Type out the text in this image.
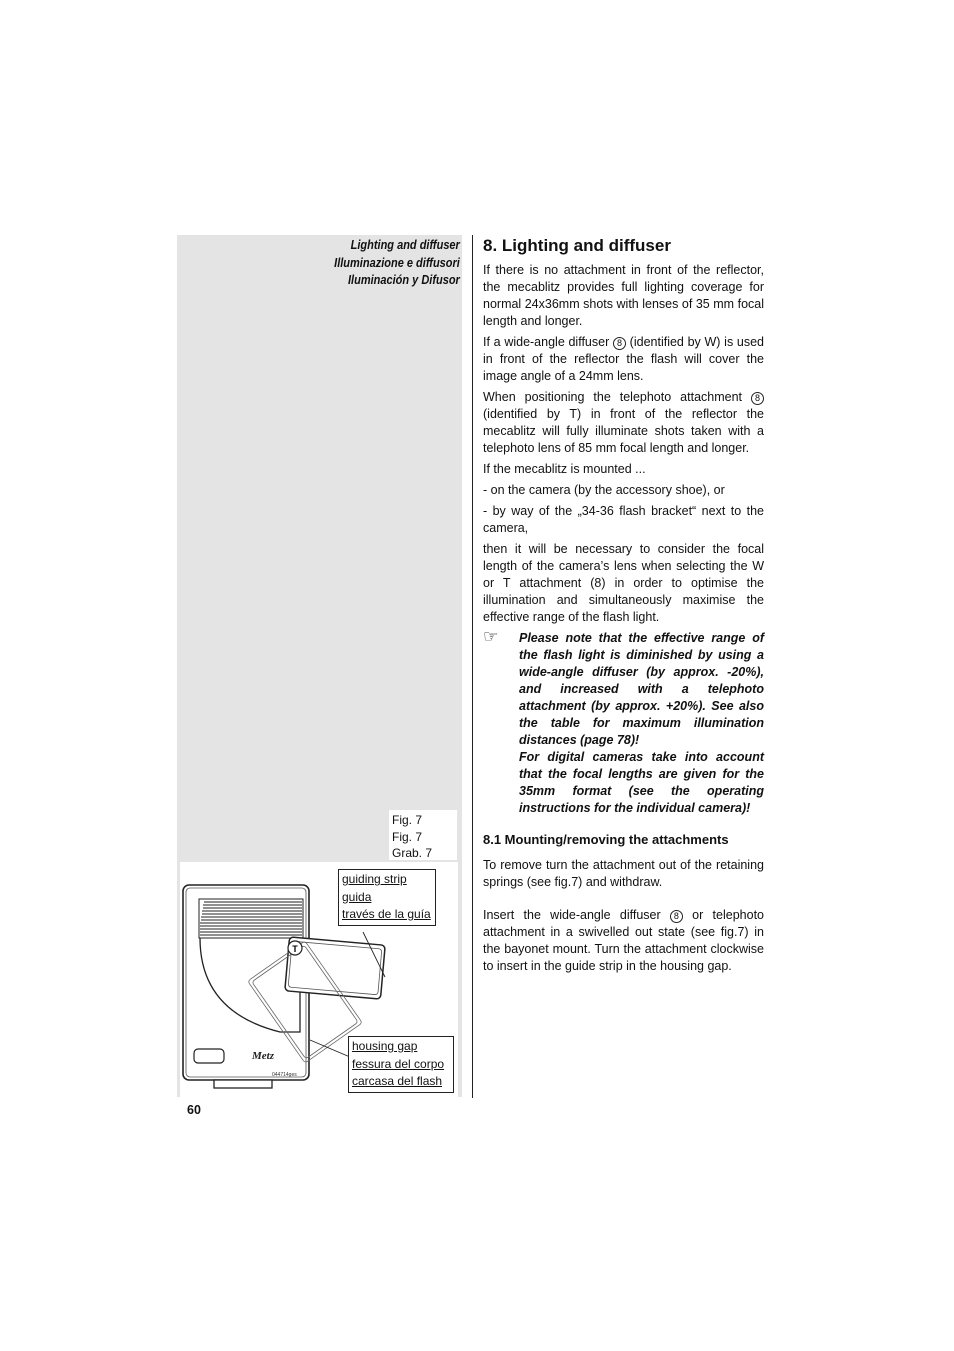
Lighting and diffuser
Illuminazione e diffusori
Iluminación y Difusor
Fig. 7
Fig. 7
Grab. 7
T
Metz
044714ges
guiding strip
guida
través de la guía
housing gap
fessura del corpo
carcasa del flash
60
8. Lighting and diffuser

If there is no attachment in front of the reflector, the mecablitz provides full lighting coverage for normal 24x36mm shots with lenses of 35 mm focal length and longer.

If a wide-angle diffuser 8 (identified by W) is used in front of the reflector the flash will cover the image angle of a 24mm lens.

When positioning the telephoto attachment 8 (identified by T) in front of the reflector the mecablitz will fully illuminate shots taken with a telephoto lens of 85 mm focal length and longer.

If the mecablitz is mounted ...

- on the camera (by the accessory shoe), or

- by way of the „34-36 flash bracket“ next to the camera,

then it will be necessary to consider the focal length of the camera’s lens when selecting the W or T attachment (8) in order to optimise the illumination and simultaneously maximise the effective range of the flash light.

☞ Please note that the effective range of the flash light is diminished by using a wide-angle diffuser (by approx. -20%), and increased with a telephoto attachment (by approx. +20%). See also the table for maximum illumination distances (page 78)!

For digital cameras take into account that the focal lengths are given for the 35mm format (see the operating instructions for the individual camera)!

8.1 Mounting/removing the attachments

To remove turn the attachment out of the retaining springs (see fig.7) and withdraw.

Insert the wide-angle diffuser 8 or telephoto attachment in a swivelled out state (see fig.7) in the bayonet mount. Turn the attachment clockwise to insert in the guide strip in the housing gap.
